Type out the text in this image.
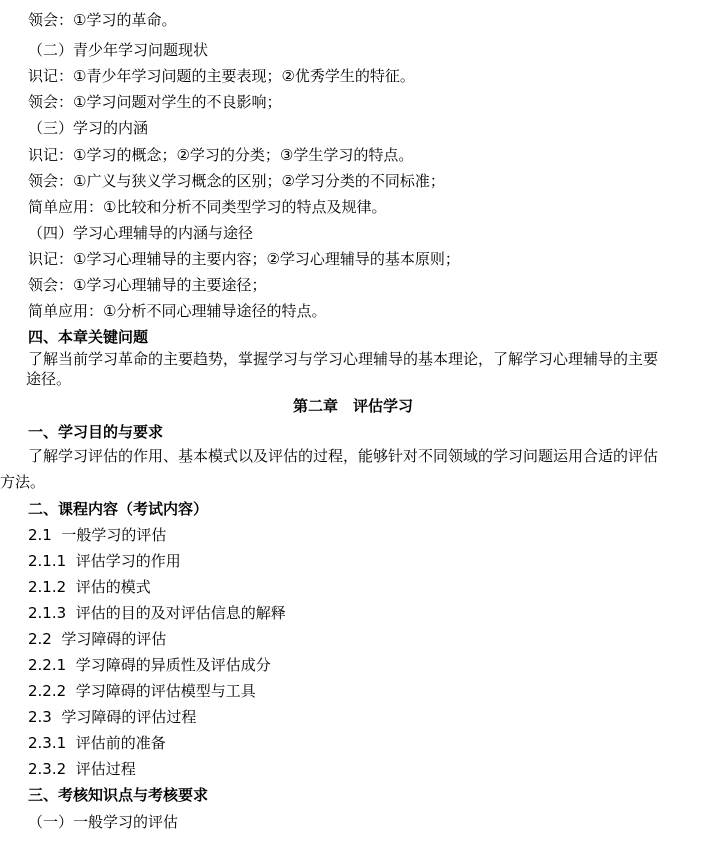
领会：①学习的革命。
（二）青少年学习问题现状
识记：①青少年学习问题的主要表现；②优秀学生的特征。
领会：①学习问题对学生的不良影响；
（三）学习的内涵
识记：①学习的概念；②学习的分类；③学生学习的特点。
领会：①广义与狭义学习概念的区别；②学习分类的不同标准；
简单应用：①比较和分析不同类型学习的特点及规律。
（四）学习心理辅导的内涵与途径
识记：①学习心理辅导的主要内容；②学习心理辅导的基本原则；
领会：①学习心理辅导的主要途径；
简单应用：①分析不同心理辅导途径的特点。
四、本章关键问题
了解当前学习革命的主要趋势，掌握学习与学习心理辅导的基本理论，了解学习心理辅导的主要
途径。
第二章　评估学习
一、学习目的与要求
了解学习评估的作用、基本模式以及评估的过程，能够针对不同领域的学习问题运用合适的评估
方法。
二、课程内容（考试内容）
2.1  一般学习的评估
2.1.1  评估学习的作用
2.1.2  评估的模式
2.1.3  评估的目的及对评估信息的解释
2.2  学习障碍的评估
2.2.1  学习障碍的异质性及评估成分
2.2.2  学习障碍的评估模型与工具
2.3  学习障碍的评估过程
2.3.1  评估前的准备
2.3.2  评估过程
三、考核知识点与考核要求
（一）一般学习的评估
